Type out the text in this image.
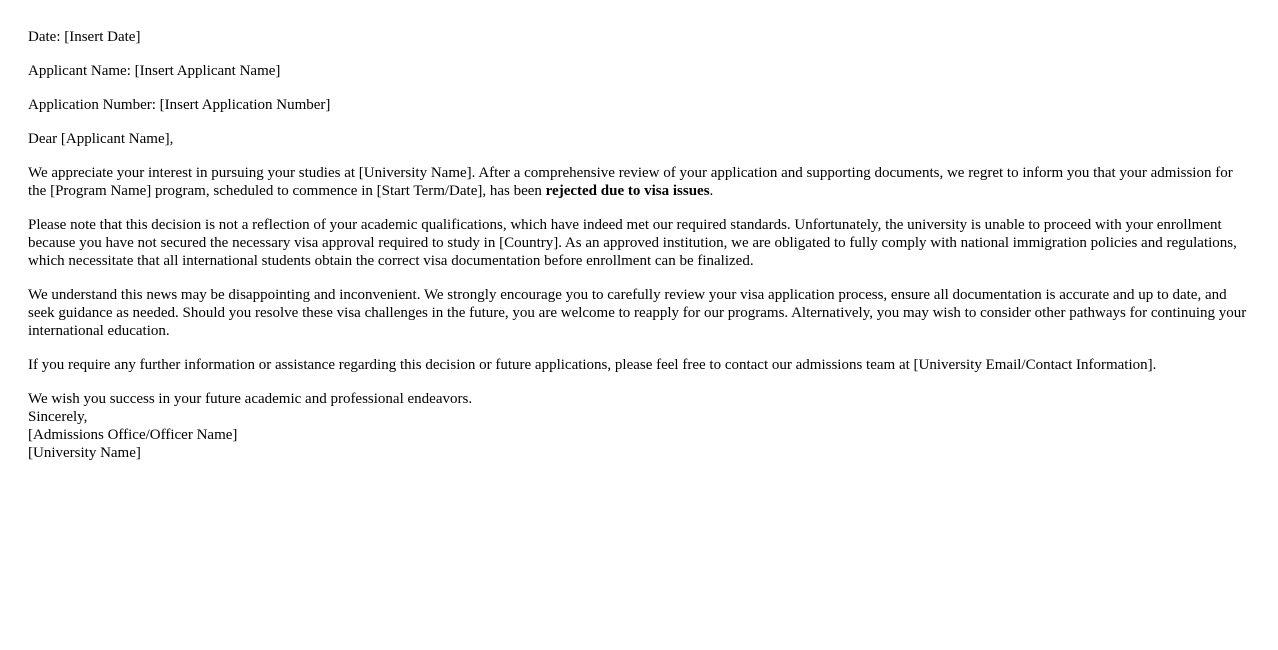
Date: [Insert Date]

Applicant Name: [Insert Applicant Name]

Application Number: [Insert Application Number]

Dear [Applicant Name],

We appreciate your interest in pursuing your studies at [University Name]. After a comprehensive review of your application and supporting documents, we regret to inform you that your admission for the [Program Name] program, scheduled to commence in [Start Term/Date], has been rejected due to visa issues.

Please note that this decision is not a reflection of your academic qualifications, which have indeed met our required standards. Unfortunately, the university is unable to proceed with your enrollment because you have not secured the necessary visa approval required to study in [Country]. As an approved institution, we are obligated to fully comply with national immigration policies and regulations, which necessitate that all international students obtain the correct visa documentation before enrollment can be finalized.

We understand this news may be disappointing and inconvenient. We strongly encourage you to carefully review your visa application process, ensure all documentation is accurate and up to date, and seek guidance as needed. Should you resolve these visa challenges in the future, you are welcome to reapply for our programs. Alternatively, you may wish to consider other pathways for continuing your international education.

If you require any further information or assistance regarding this decision or future applications, please feel free to contact our admissions team at [University Email/Contact Information].

We wish you success in your future academic and professional endeavors.
Sincerely,
[Admissions Office/Officer Name]
[University Name]
